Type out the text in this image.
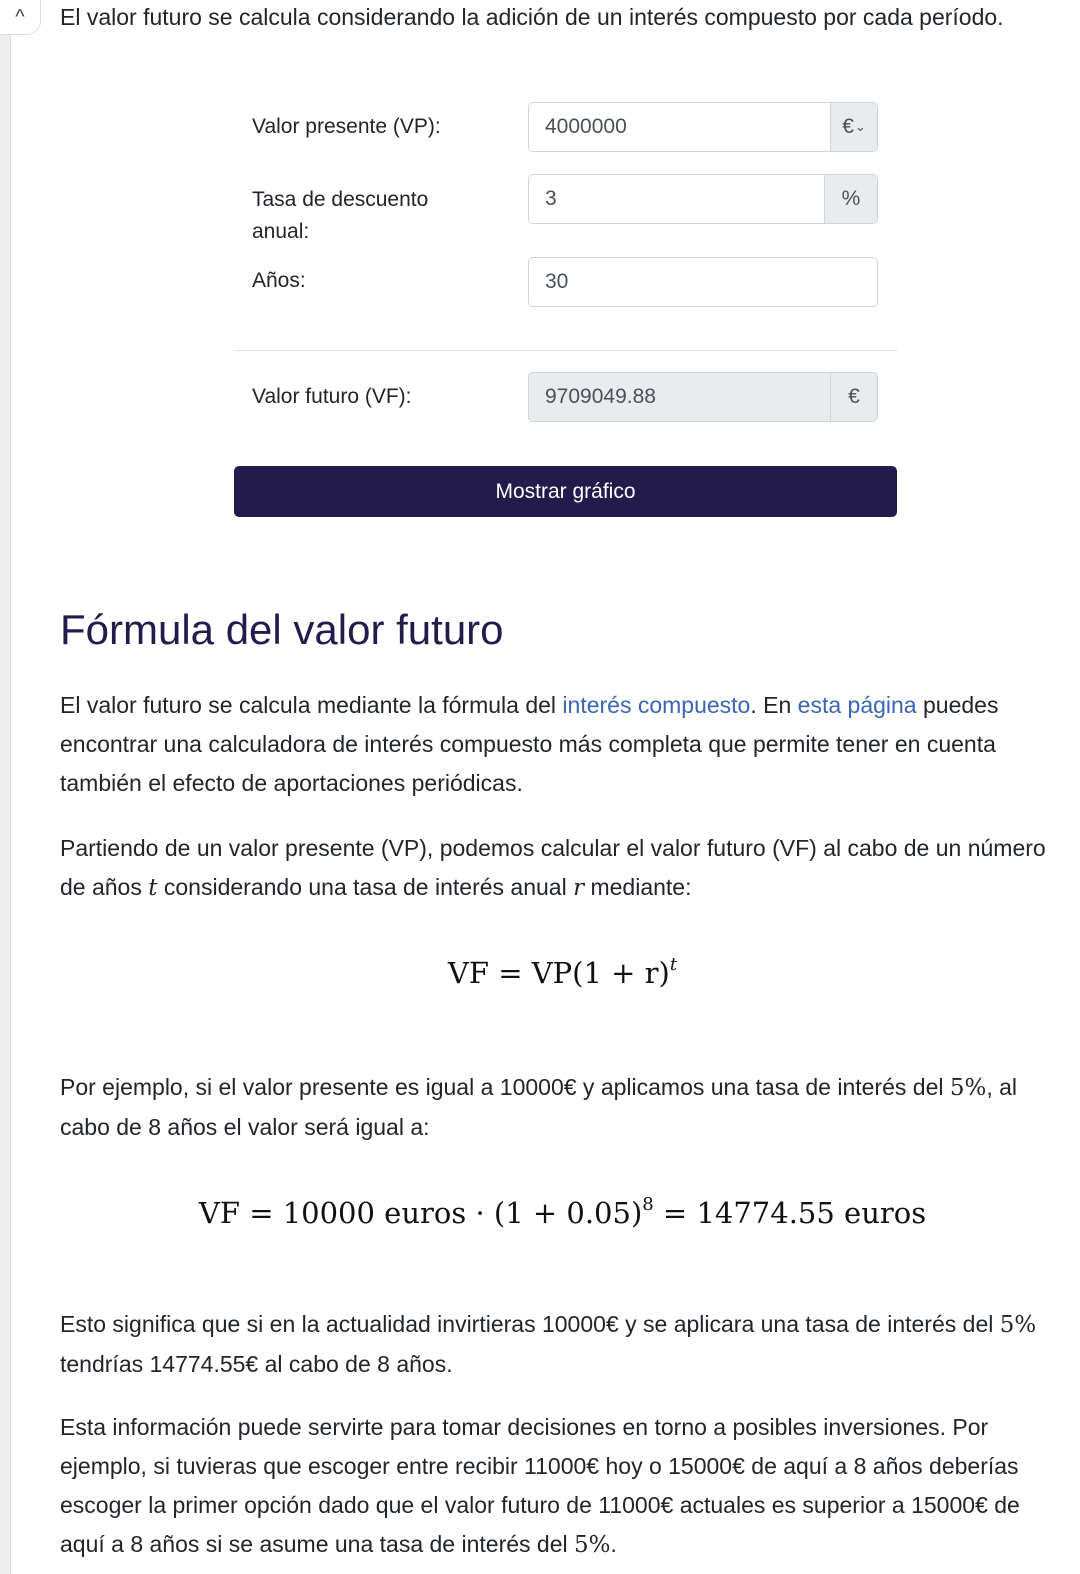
^	El valor futuro se calcula considerando la adición de un interés compuesto por cada período.

Valor presente (VP):
4000000	€ ⌄
Tasa de descuento anual:
3
%
Años:
30
Valor futuro (VF):
9709049.88	€
Mostrar gráfico
Fórmula del valor futuro

El valor futuro se calcula mediante la fórmula del interés compuesto. En esta página puedes encontrar una calculadora de interés compuesto más completa que permite tener en cuenta también el efecto de aportaciones periódicas.

Partiendo de un valor presente (VP), podemos calcular el valor futuro (VF) al cabo de un número de años t considerando una tasa de interés anual r mediante:

VF = $VP(1 + r)^t$

Por ejemplo, si el valor presente es igual a 10000€ y aplicamos una tasa de interés del 5%, al cabo de 8 años el valor será igual a:

VF = 10000 euros · $(1 + 0.05)^8 = 14774.55$ euros

Esto significa que si en la actualidad invirtieras 10000€ y se aplicara una tasa de interés del 5% tendrías 14774.55€ al cabo de 8 años.

Esta información puede servirte para tomar decisiones en torno a posibles inversiones. Por ejemplo, si tuvieras que escoger entre recibir 11000€ hoy o 15000€ de aquí a 8 años deberías escoger la primer opción dado que el valor futuro de 11000€ actuales es superior a 15000€ de aquí a 8 años si se asume una tasa de interés del 5%.
